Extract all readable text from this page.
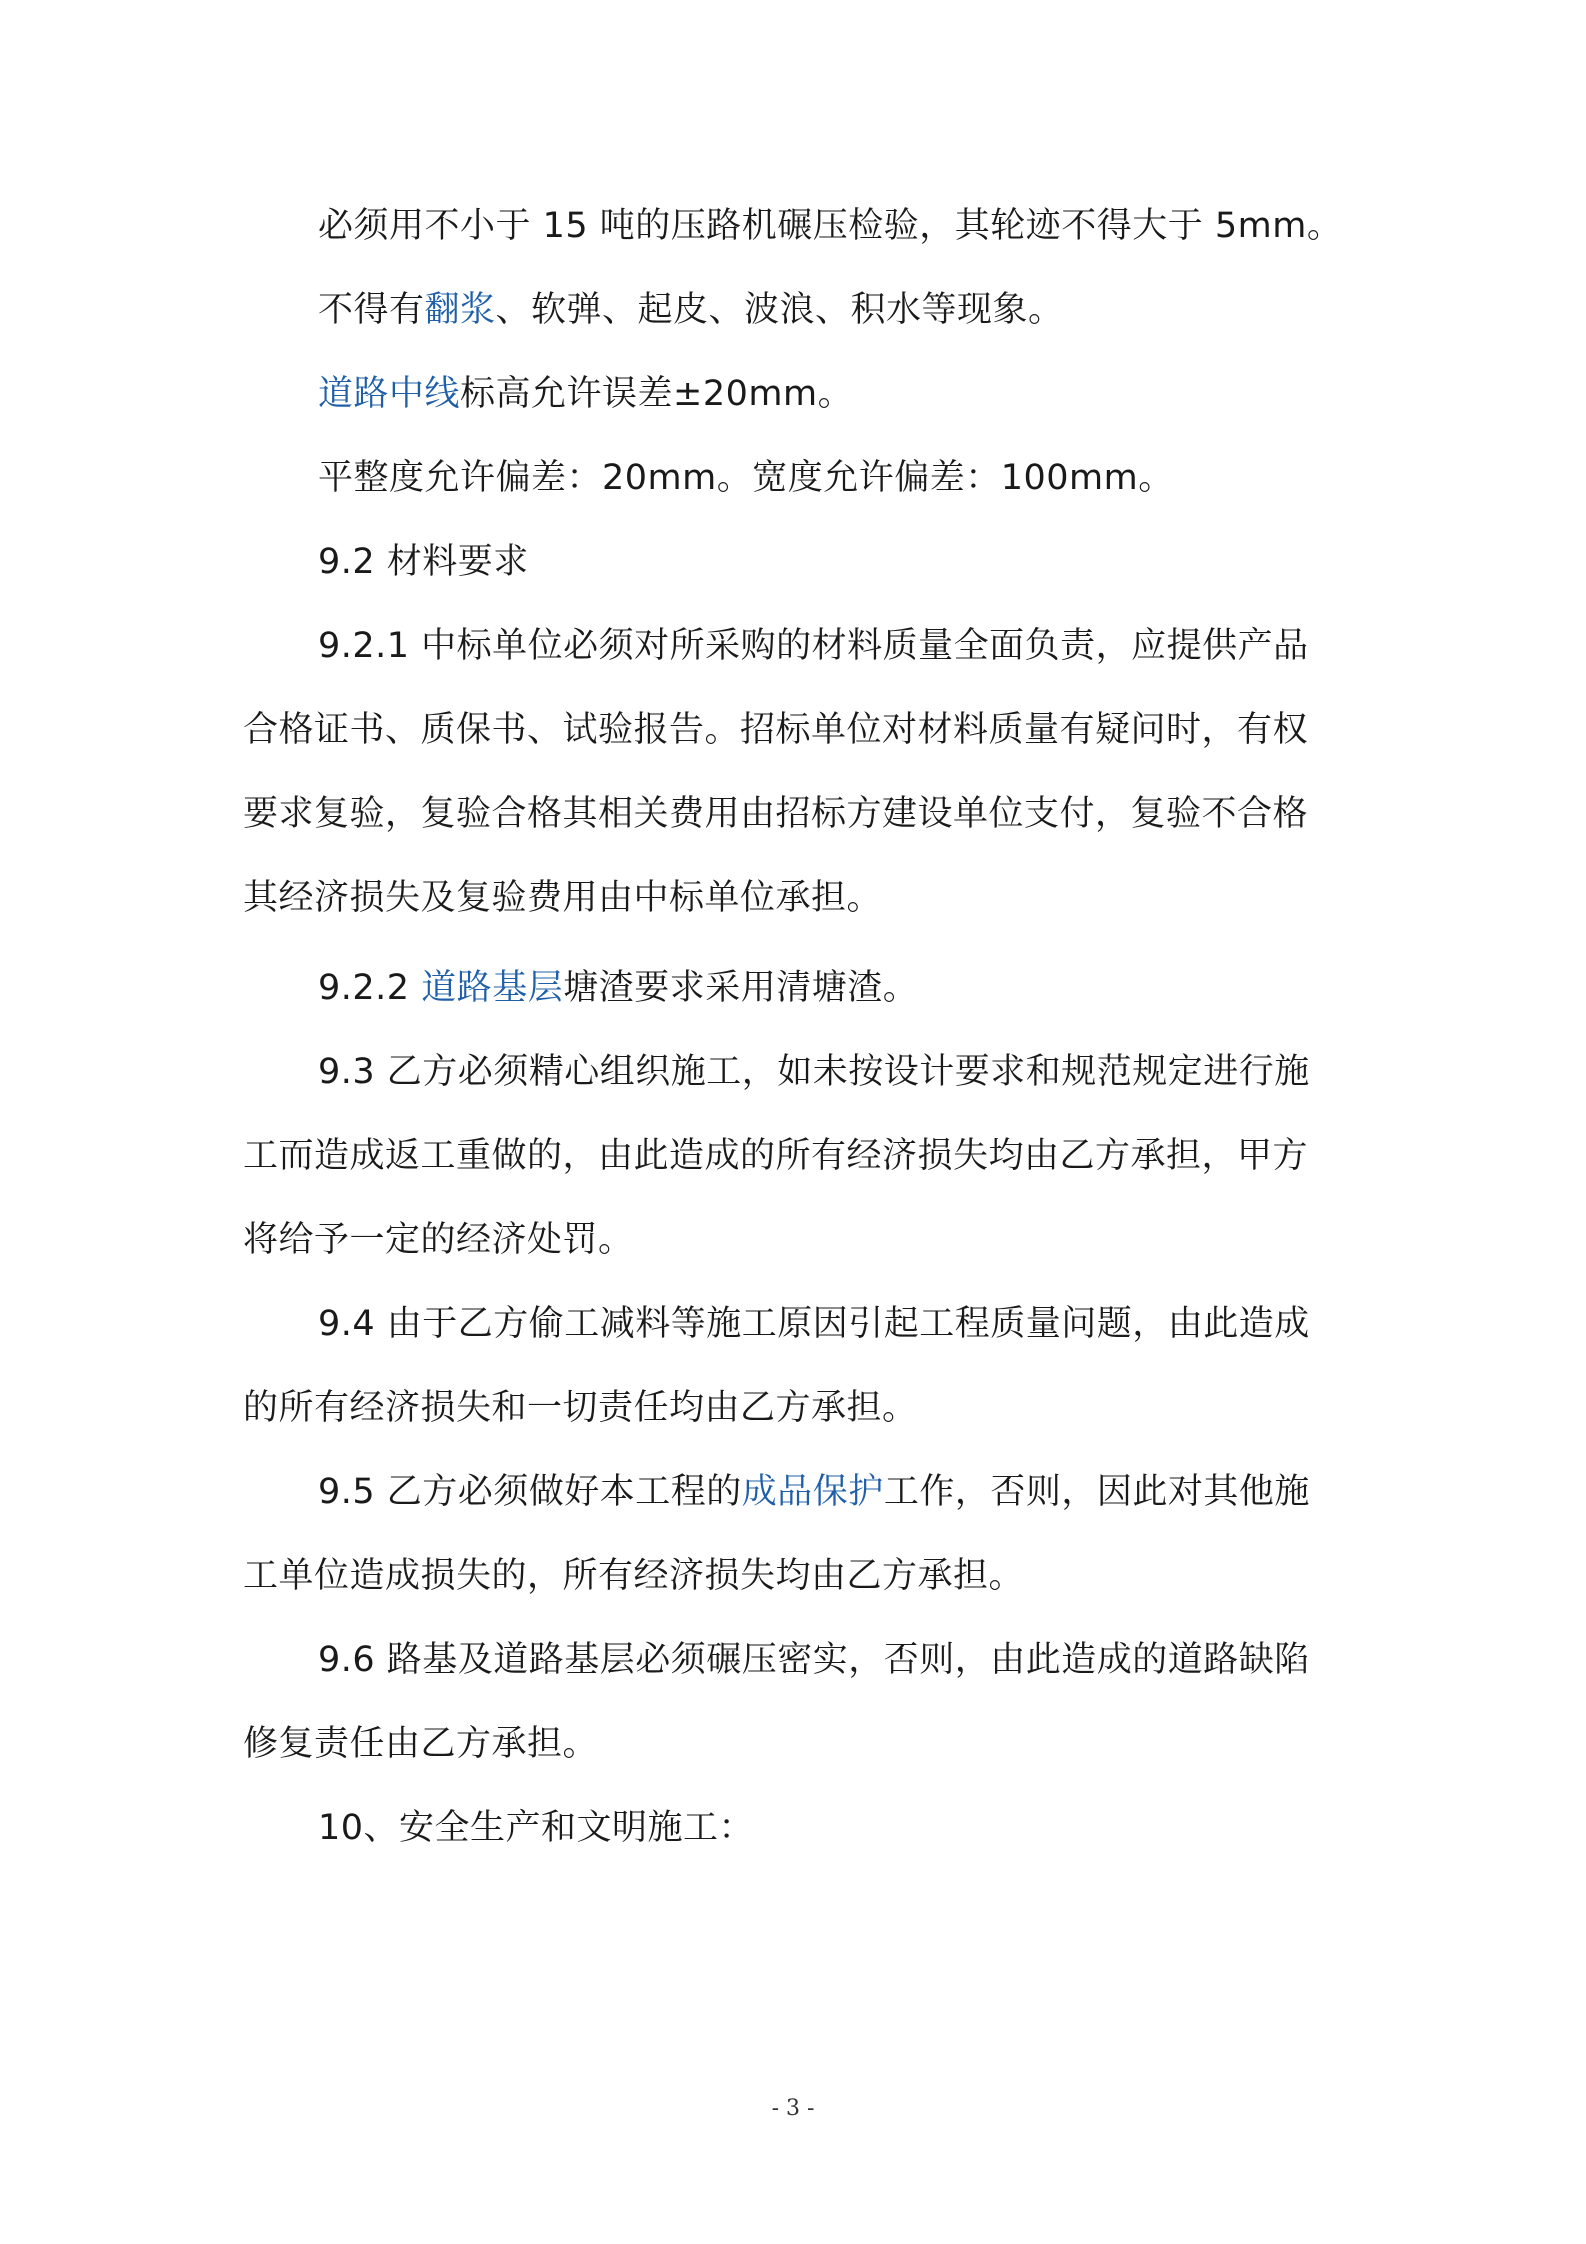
必须用不小于 15 吨的压路机碾压检验，其轮迹不得大于 5mm。
不得有翻浆、软弹、起皮、波浪、积水等现象。
道路中线标高允许误差±20mm。
平整度允许偏差：20mm。宽度允许偏差：100mm。
9.2 材料要求
9.2.1 中标单位必须对所采购的材料质量全面负责，应提供产品
合格证书、质保书、试验报告。招标单位对材料质量有疑问时，有权
要求复验，复验合格其相关费用由招标方建设单位支付，复验不合格
其经济损失及复验费用由中标单位承担。
9.2.2 道路基层塘渣要求采用清塘渣。
9.3 乙方必须精心组织施工，如未按设计要求和规范规定进行施
工而造成返工重做的，由此造成的所有经济损失均由乙方承担，甲方
将给予一定的经济处罚。
9.4 由于乙方偷工减料等施工原因引起工程质量问题，由此造成
的所有经济损失和一切责任均由乙方承担。
9.5 乙方必须做好本工程的成品保护工作，否则，因此对其他施
工单位造成损失的，所有经济损失均由乙方承担。
9.6 路基及道路基层必须碾压密实，否则，由此造成的道路缺陷
修复责任由乙方承担。
10、安全生产和文明施工：
- 3 -
